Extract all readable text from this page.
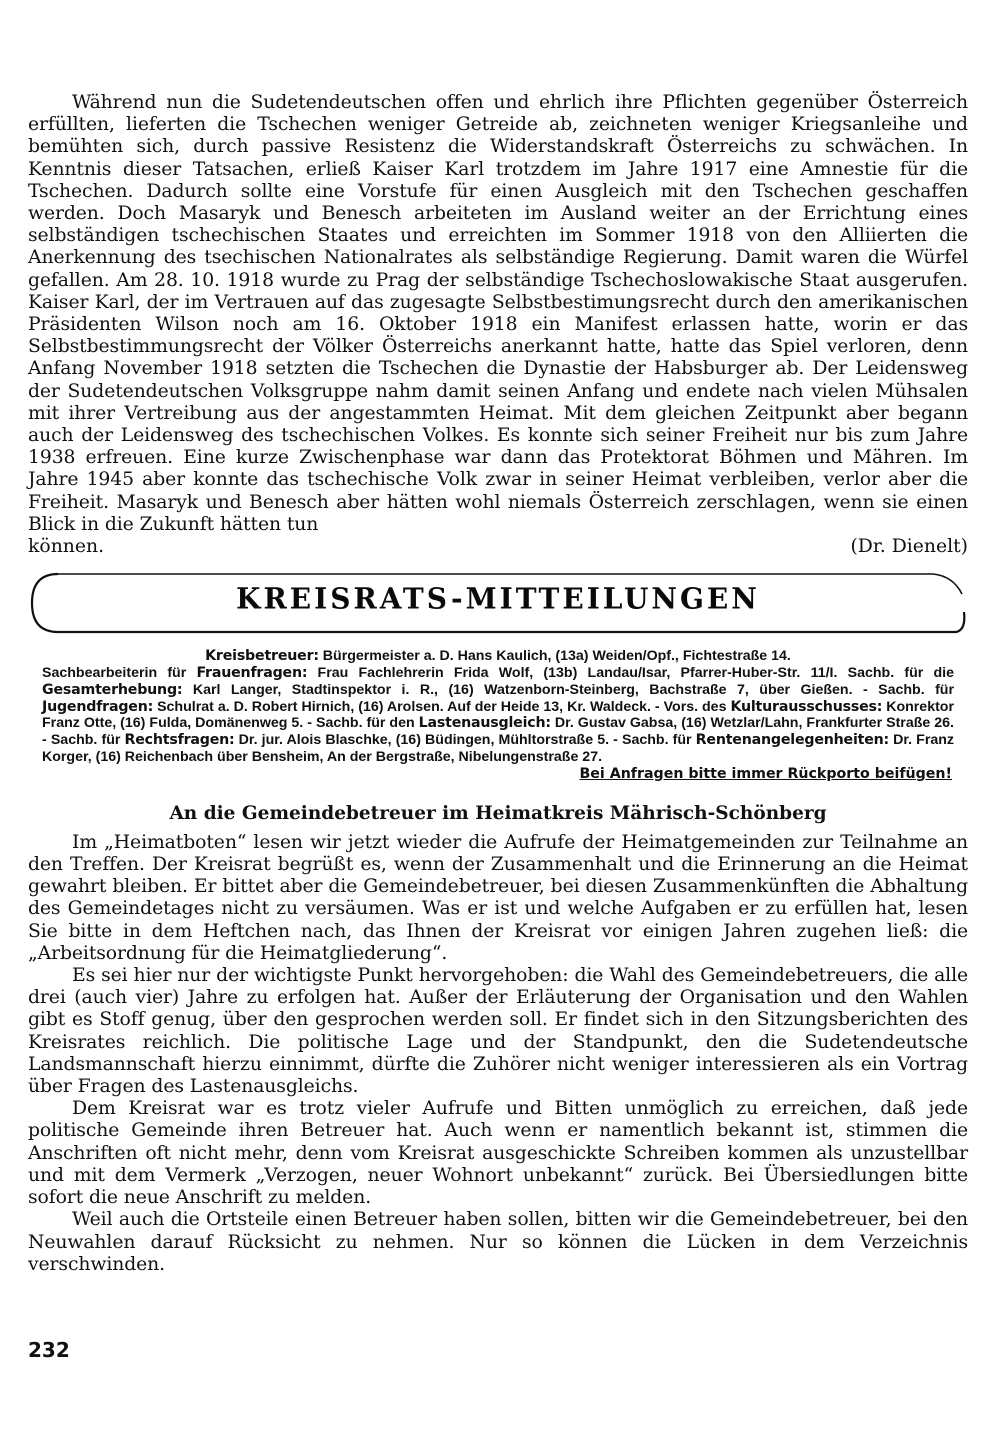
Während nun die Sudetendeutschen offen und ehrlich ihre Pflichten gegenüber Österreich erfüllten, lieferten die Tschechen weniger Getreide ab, zeichneten weniger Kriegsanleihe und bemühten sich, durch passive Resistenz die Widerstandskraft Österreichs zu schwächen. In Kenntnis dieser Tatsachen, erließ Kaiser Karl trotzdem im Jahre 1917 eine Amnestie für die Tschechen. Dadurch sollte eine Vorstufe für einen Ausgleich mit den Tschechen geschaffen werden. Doch Masaryk und Benesch arbeiteten im Ausland weiter an der Errichtung eines selbständigen tschechischen Staates und erreichten im Sommer 1918 von den Alliierten die Anerkennung des tsechischen Nationalrates als selbständige Regierung. Damit waren die Würfel gefallen. Am 28. 10. 1918 wurde zu Prag der selbständige Tschechoslowakische Staat ausgerufen. Kaiser Karl, der im Vertrauen auf das zugesagte Selbstbestimungsrecht durch den amerikanischen Präsidenten Wilson noch am 16. Oktober 1918 ein Manifest erlassen hatte, worin er das Selbstbestimmungsrecht der Völker Österreichs anerkannt hatte, hatte das Spiel verloren, denn Anfang November 1918 setzten die Tschechen die Dynastie der Habsburger ab. Der Leidensweg der Sudetendeutschen Volksgruppe nahm damit seinen Anfang und endete nach vielen Mühsalen mit ihrer Vertreibung aus der angestammten Heimat. Mit dem gleichen Zeitpunkt aber begann auch der Leidensweg des tschechischen Volkes. Es konnte sich seiner Freiheit nur bis zum Jahre 1938 erfreuen. Eine kurze Zwischenphase war dann das Protektorat Böhmen und Mähren. Im Jahre 1945 aber konnte das tschechische Volk zwar in seiner Heimat verbleiben, verlor aber die Freiheit. Masaryk und Benesch aber hätten wohl niemals Österreich zerschlagen, wenn sie einen Blick in die Zukunft hätten tun

können.	(Dr. Dienelt)
KREISRATS-MITTEILUNGEN
Kreisbetreuer: Bürgermeister a. D. Hans Kaulich, (13a) Weiden/Opf., Fichtestraße 14.
Sachbearbeiterin für Frauenfragen: Frau Fachlehrerin Frida Wolf, (13b) Landau/Isar, Pfarrer-Huber-Str. 11/I. Sachb. für die Gesamterhebung: Karl Langer, Stadtinspektor i. R., (16) Watzenborn-Steinberg, Bachstraße 7, über Gießen. - Sachb. für Jugendfragen: Schulrat a. D. Robert Hirnich, (16) Arolsen. Auf der Heide 13, Kr. Waldeck. - Vors. des Kulturausschusses: Konrektor Franz Otte, (16) Fulda, Domänenweg 5. - Sachb. für den Lastenausgleich: Dr. Gustav Gabsa, (16) Wetzlar/Lahn, Frankfurter Straße 26. - Sachb. für Rechtsfragen: Dr. jur. Alois Blaschke, (16) Büdingen, Mühltorstraße 5. - Sachb. für Rentenangelegenheiten: Dr. Franz Korger, (16) Reichenbach über Bensheim, An der Bergstraße, Nibelungenstraße 27.
Bei Anfragen bitte immer Rückporto beifügen!
An die Gemeindebetreuer im Heimatkreis Mährisch-Schönberg

Im „Heimatboten“ lesen wir jetzt wieder die Aufrufe der Heimatgemeinden zur Teilnahme an den Treffen. Der Kreisrat begrüßt es, wenn der Zusammenhalt und die Erinnerung an die Heimat gewahrt bleiben. Er bittet aber die Gemeindebetreuer, bei diesen Zusammenkünften die Abhaltung des Gemeindetages nicht zu versäumen. Was er ist und welche Aufgaben er zu erfüllen hat, lesen Sie bitte in dem Heftchen nach, das Ihnen der Kreisrat vor einigen Jahren zugehen ließ: die „Arbeitsordnung für die Heimatgliederung“.

Es sei hier nur der wichtigste Punkt hervorgehoben: die Wahl des Gemeindebetreuers, die alle drei (auch vier) Jahre zu erfolgen hat. Außer der Erläuterung der Organisation und den Wahlen gibt es Stoff genug, über den gesprochen werden soll. Er findet sich in den Sitzungsberichten des Kreisrates reichlich. Die politische Lage und der Standpunkt, den die Sudetendeutsche Landsmannschaft hierzu einnimmt, dürfte die Zuhörer nicht weniger interessieren als ein Vortrag über Fragen des Lastenausgleichs.

Dem Kreisrat war es trotz vieler Aufrufe und Bitten unmöglich zu erreichen, daß jede politische Gemeinde ihren Betreuer hat. Auch wenn er namentlich bekannt ist, stimmen die Anschriften oft nicht mehr, denn vom Kreisrat ausgeschickte Schreiben kommen als unzustellbar und mit dem Vermerk „Verzogen, neuer Wohnort unbekannt“ zurück. Bei Übersiedlungen bitte sofort die neue Anschrift zu melden.

Weil auch die Ortsteile einen Betreuer haben sollen, bitten wir die Gemeindebetreuer, bei den Neuwahlen darauf Rücksicht zu nehmen. Nur so können die Lücken in dem Verzeichnis verschwinden.

232
